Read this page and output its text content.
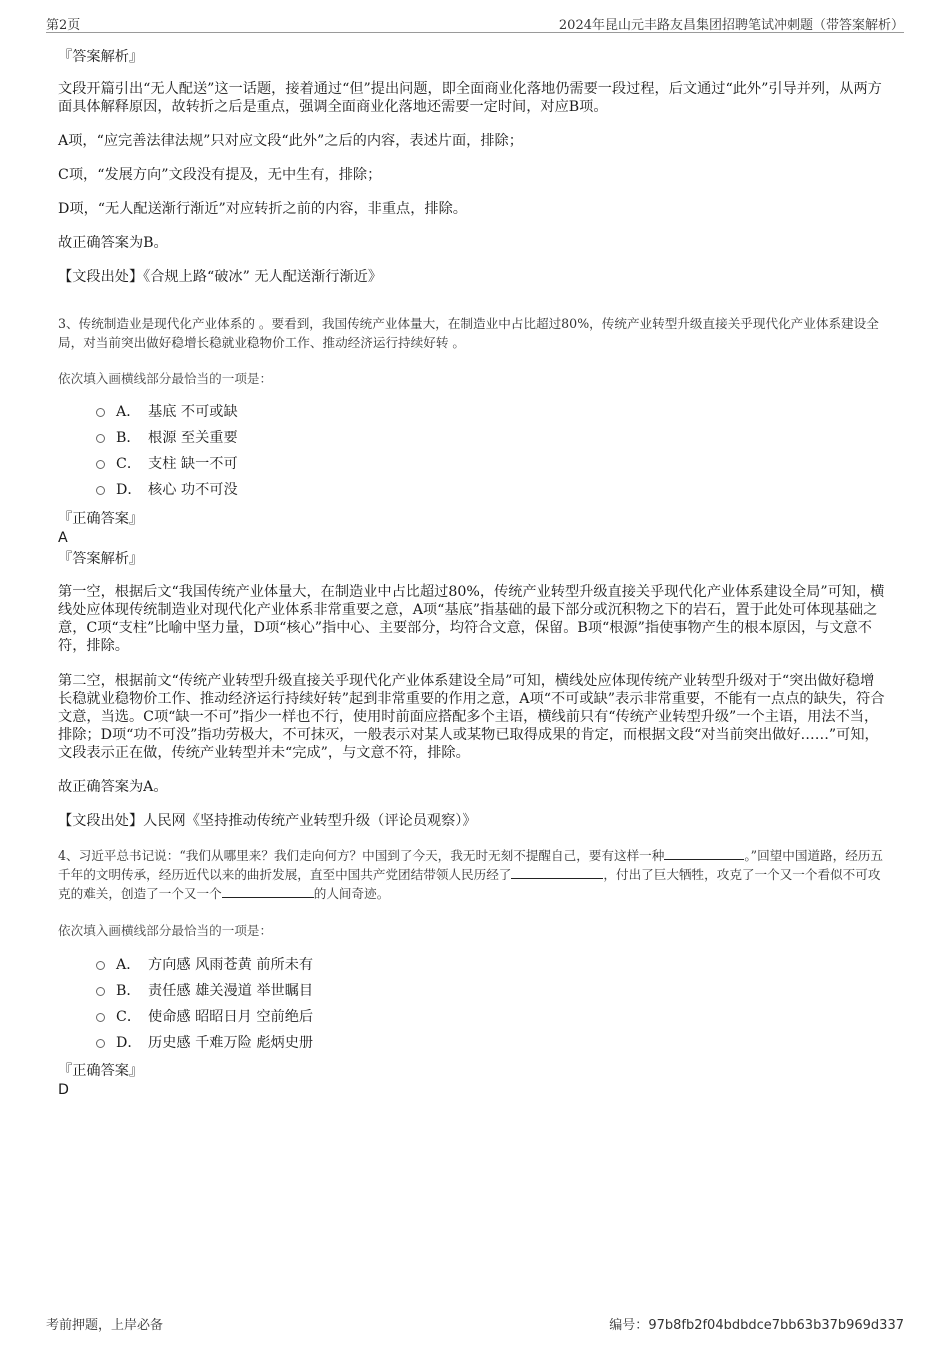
第2页	2024年昆山元丰路友昌集团招聘笔试冲刺题（带答案解析）
『答案解析』
文段开篇引出“无人配送”这一话题，接着通过“但”提出问题，即全面商业化落地仍需要一段过程，后文通过“此外”引导并列，从两方面具体解释原因，故转折之后是重点，强调全面商业化落地还需要一定时间，对应B项。
A项，“应完善法律法规”只对应文段“此外”之后的内容，表述片面，排除；
C项，“发展方向”文段没有提及，无中生有，排除；
D项，“无人配送渐行渐近”对应转折之前的内容，非重点，排除。
故正确答案为B。
【文段出处】《合规上路“破冰” 无人配送渐行渐近》
3、传统制造业是现代化产业体系的 。要看到，我国传统产业体量大，在制造业中占比超过80%，传统产业转型升级直接关乎现代化产业体系建设全局，对当前突出做好稳增长稳就业稳物价工作、推动经济运行持续好转 。
依次填入画横线部分最恰当的一项是：
A． 基底 不可或缺
B． 根源 至关重要
C． 支柱 缺一不可
D． 核心 功不可没
『正确答案』
A
『答案解析』
第一空，根据后文“我国传统产业体量大，在制造业中占比超过80%，传统产业转型升级直接关乎现代化产业体系建设全局”可知，横线处应体现传统制造业对现代化产业体系非常重要之意，A项“基底”指基础的最下部分或沉积物之下的岩石，置于此处可体现基础之意，C项“支柱”比喻中坚力量，D项“核心”指中心、主要部分，均符合文意，保留。B项“根源”指使事物产生的根本原因，与文意不符，排除。
第二空，根据前文“传统产业转型升级直接关乎现代化产业体系建设全局”可知，横线处应体现传统产业转型升级对于“突出做好稳增长稳就业稳物价工作、推动经济运行持续好转”起到非常重要的作用之意，A项“不可或缺”表示非常重要，不能有一点点的缺失，符合文意，当选。C项“缺一不可”指少一样也不行，使用时前面应搭配多个主语，横线前只有“传统产业转型升级”一个主语，用法不当，排除；D项“功不可没”指功劳极大，不可抹灭，一般表示对某人或某物已取得成果的肯定，而根据文段“对当前突出做好……”可知，文段表示正在做，传统产业转型并未“完成”，与文意不符，排除。
故正确答案为A。
【文段出处】人民网《坚持推动传统产业转型升级（评论员观察）》
4、习近平总书记说：“我们从哪里来？我们走向何方？中国到了今天，我无时无刻不提醒自己，要有这样一种	。”回望中国道路，经历五千年的文明传承，经历近代以来的曲折发展，直至中国共产党团结带领人民历经了	，付出了巨大牺牲，攻克了一个又一个看似不可攻克的难关，创造了一个又一个	的人间奇迹。
依次填入画横线部分最恰当的一项是：
A． 方向感 风雨苍黄 前所未有
B． 责任感 雄关漫道 举世瞩目
C． 使命感 昭昭日月 空前绝后
D． 历史感 千难万险 彪炳史册
『正确答案』
D
考前押题，上岸必备	编号：97b8fb2f04bdbdce7bb63b37b969d337
